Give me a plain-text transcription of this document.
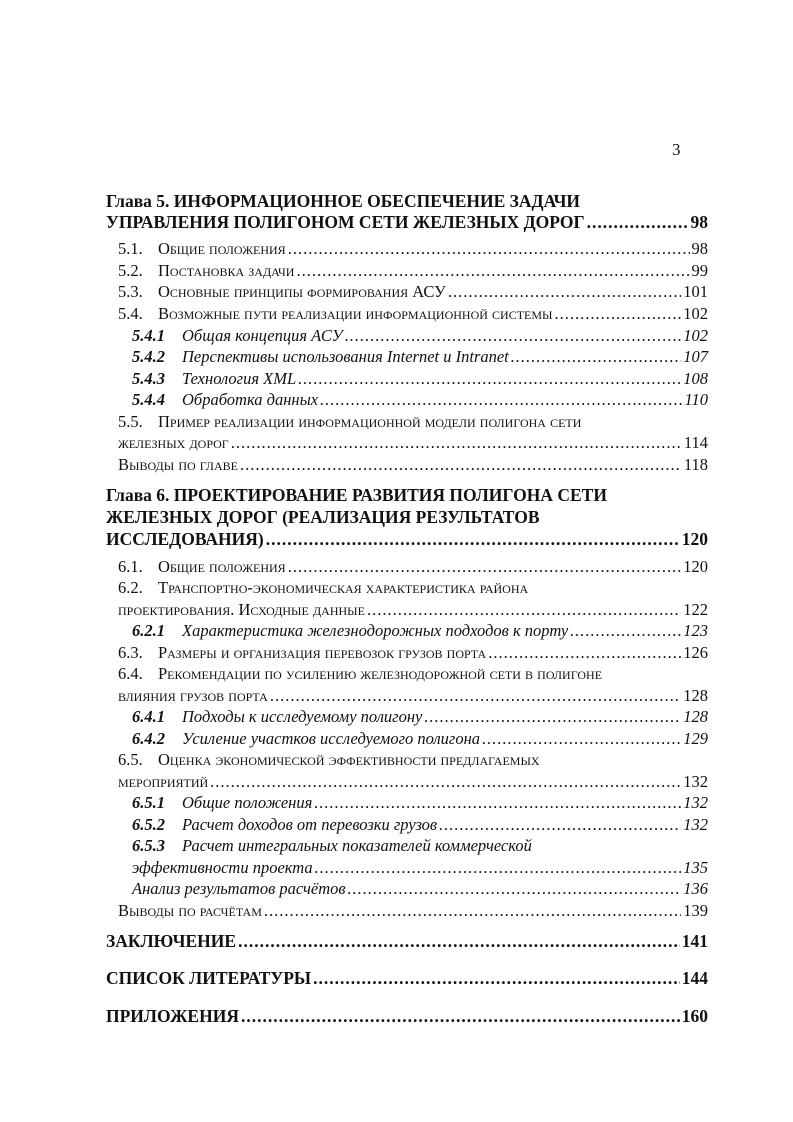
3
Глава 5. ИНФОРМАЦИОННОЕ ОБЕСПЕЧЕНИЕ ЗАДАЧИ
УПРАВЛЕНИЯ ПОЛИГОНОМ СЕТИ ЖЕЛЕЗНЫХ ДОРОГ .....	98
5.1. Общие положения .....	98
5.2. Постановка задачи .....	99
5.3. Основные принципы формирования АСУ .....	101
5.4. Возможные пути реализации информационной системы .....	102
5.4.1	Общая концепция АСУ .....	102
5.4.2	Перспективы использования Internet и Intranet .....	107
5.4.3	Технология XML .....	108
5.4.4	Обработка данных .....	110
5.5. Пример реализации информационной модели полигона сети
железных дорог .....	114
Выводы по главе .....	118
Глава 6. ПРОЕКТИРОВАНИЕ РАЗВИТИЯ ПОЛИГОНА СЕТИ
ЖЕЛЕЗНЫХ ДОРОГ (РЕАЛИЗАЦИЯ РЕЗУЛЬТАТОВ
ИССЛЕДОВАНИЯ) .....	120
6.1. Общие положения .....	120
6.2. Транспортно-экономическая характеристика района
проектирования. Исходные данные .....	122
6.2.1	Характеристика железнодорожных подходов к порту .....	123
6.3. Размеры и организация перевозок грузов порта .....	126
6.4. Рекомендации по усилению железнодорожной сети в полигоне
влияния грузов порта .....	128
6.4.1	Подходы к исследуемому полигону .....	128
6.4.2	Усиление участков исследуемого полигона .....	129
6.5. Оценка экономической эффективности предлагаемых
мероприятий .....	132
6.5.1	Общие положения .....	132
6.5.2	Расчет доходов от перевозки грузов .....	132
6.5.3 Расчет интегральных показателей коммерческой
эффективности проекта .....	135
Анализ результатов расчётов .....	136
Выводы по расчётам .....	139
ЗАКЛЮЧЕНИЕ .....	141
СПИСОК ЛИТЕРАТУРЫ .....	144
ПРИЛОЖЕНИЯ .....	160
